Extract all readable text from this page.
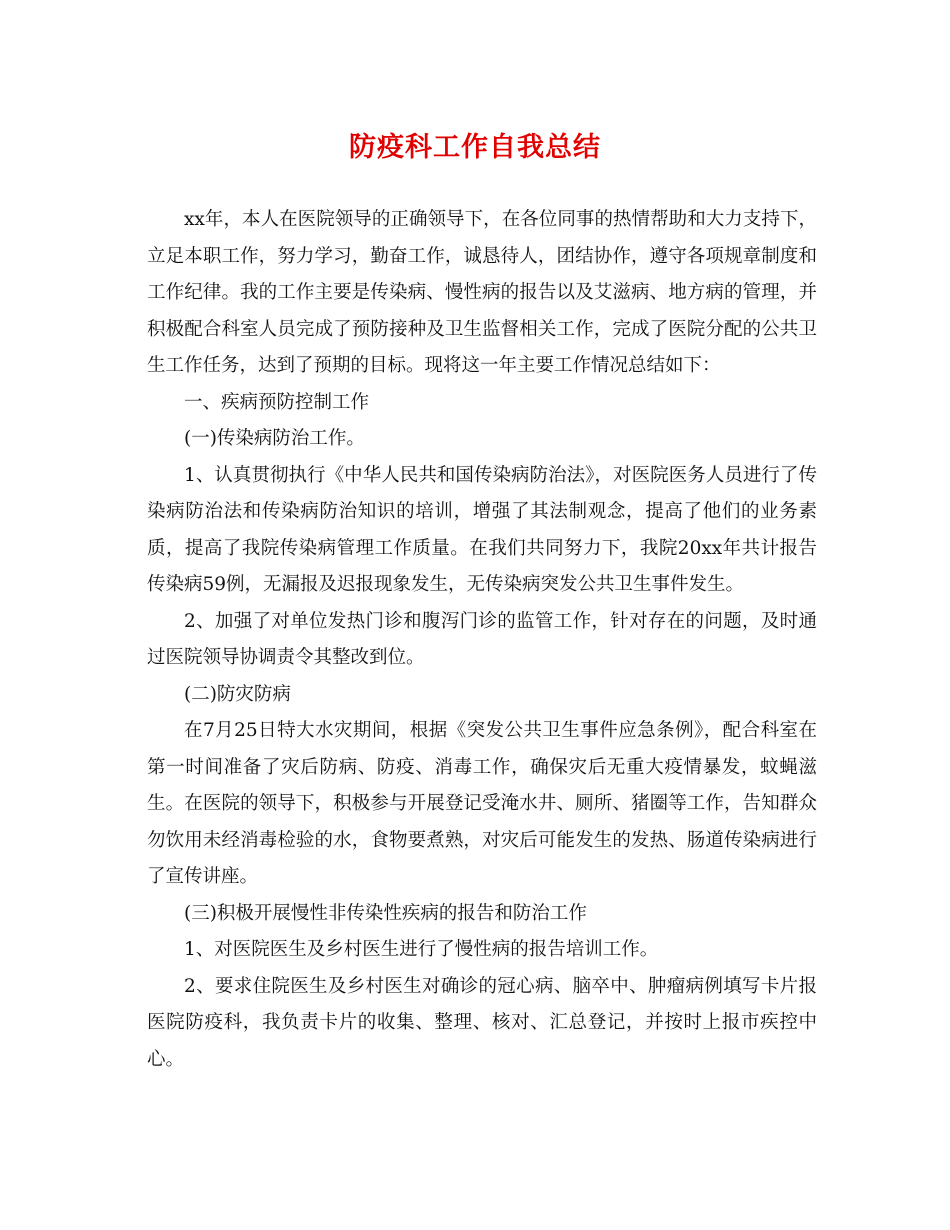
防疫科工作自我总结

xx年，本人在医院领导的正确领导下，在各位同事的热情帮助和大力支持下，立足本职工作，努力学习，勤奋工作，诚恳待人，团结协作，遵守各项规章制度和工作纪律。我的工作主要是传染病、慢性病的报告以及艾滋病、地方病的管理，并积极配合科室人员完成了预防接种及卫生监督相关工作，完成了医院分配的公共卫生工作任务，达到了预期的目标。现将这一年主要工作情况总结如下：

一、疾病预防控制工作

(一)传染病防治工作。

1、认真贯彻执行《中华人民共和国传染病防治法》，对医院医务人员进行了传染病防治法和传染病防治知识的培训，增强了其法制观念，提高了他们的业务素质，提高了我院传染病管理工作质量。在我们共同努力下，我院20xx年共计报告传染病59例，无漏报及迟报现象发生，无传染病突发公共卫生事件发生。

2、加强了对单位发热门诊和腹泻门诊的监管工作，针对存在的问题，及时通过医院领导协调责令其整改到位。

(二)防灾防病

在7月25日特大水灾期间，根据《突发公共卫生事件应急条例》，配合科室在第一时间准备了灾后防病、防疫、消毒工作，确保灾后无重大疫情暴发，蚊蝇滋生。在医院的领导下，积极参与开展登记受淹水井、厕所、猪圈等工作，告知群众勿饮用未经消毒检验的水，食物要煮熟，对灾后可能发生的发热、肠道传染病进行了宣传讲座。

(三)积极开展慢性非传染性疾病的报告和防治工作

1、对医院医生及乡村医生进行了慢性病的报告培训工作。

2、要求住院医生及乡村医生对确诊的冠心病、脑卒中、肿瘤病例填写卡片报医院防疫科，我负责卡片的收集、整理、核对、汇总登记，并按时上报市疾控中心。
